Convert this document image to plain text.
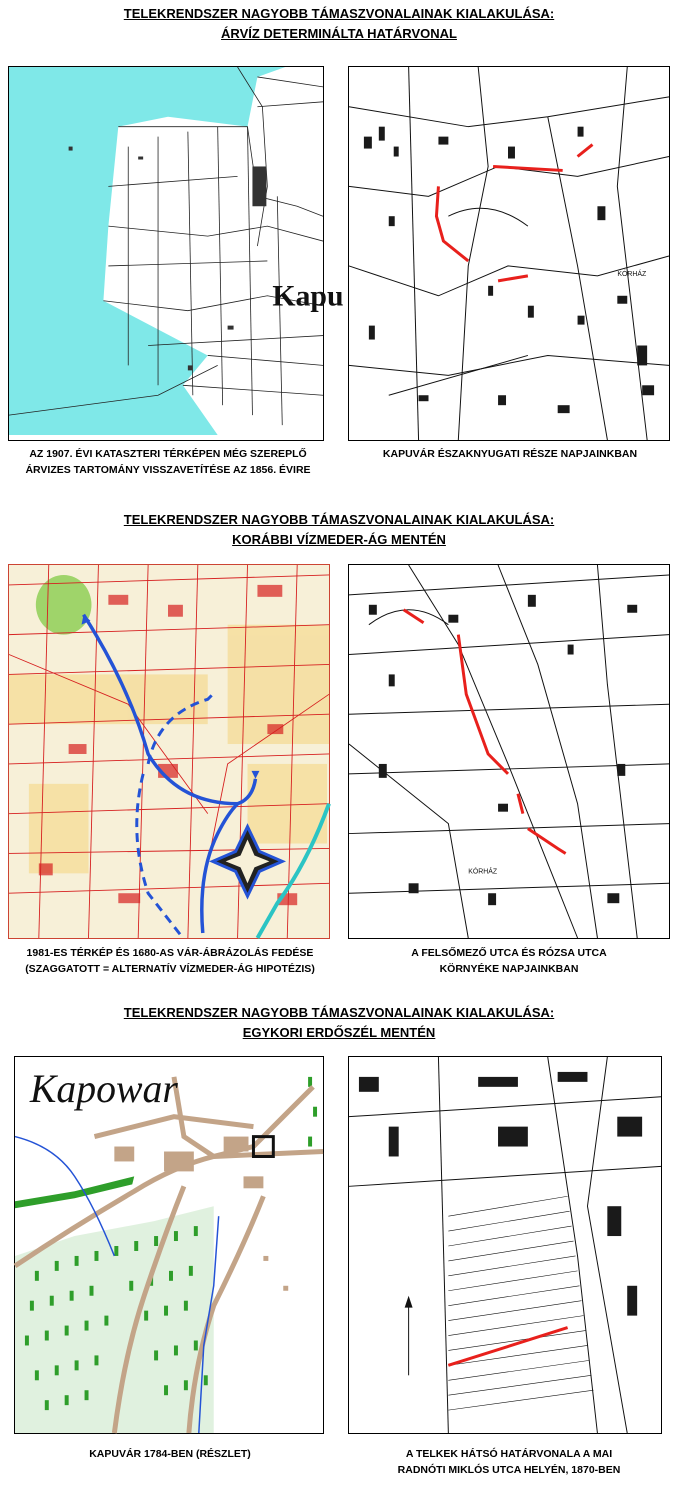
TELEKRENDSZER NAGYOBB TÁMASZVONALAINAK KIALAKULÁSA:
ÁRVÍZ DETERMINÁLTA HATÁRVONAL
Kapu
KÓRHÁZ
AZ 1907. ÉVI KATASZTERI TÉRKÉPEN MÉG SZEREPLŐ
ÁRVIZES TARTOMÁNY VISSZAVETÍTÉSE AZ 1856. ÉVIRE
KAPUVÁR ÉSZAKNYUGATI RÉSZE NAPJAINKBAN
TELEKRENDSZER NAGYOBB TÁMASZVONALAINAK KIALAKULÁSA:
KORÁBBI VÍZMEDER-ÁG MENTÉN
KÓRHÁZ
1981-ES TÉRKÉP ÉS 1680-AS VÁR-ÁBRÁZOLÁS FEDÉSE
(SZAGGATOTT = ALTERNATÍV VÍZMEDER-ÁG HIPOTÉZIS)
A FELSŐMEZŐ UTCA ÉS RÓZSA UTCA
KÖRNYÉKE NAPJAINKBAN
TELEKRENDSZER NAGYOBB TÁMASZVONALAINAK KIALAKULÁSA:
EGYKORI ERDŐSZÉL MENTÉN
Kapowar
KAPUVÁR 1784-BEN (RÉSZLET)	A TELKEK HÁTSÓ HATÁRVONALA A MAI
RADNÓTI MIKLÓS UTCA HELYÉN, 1870-BEN
